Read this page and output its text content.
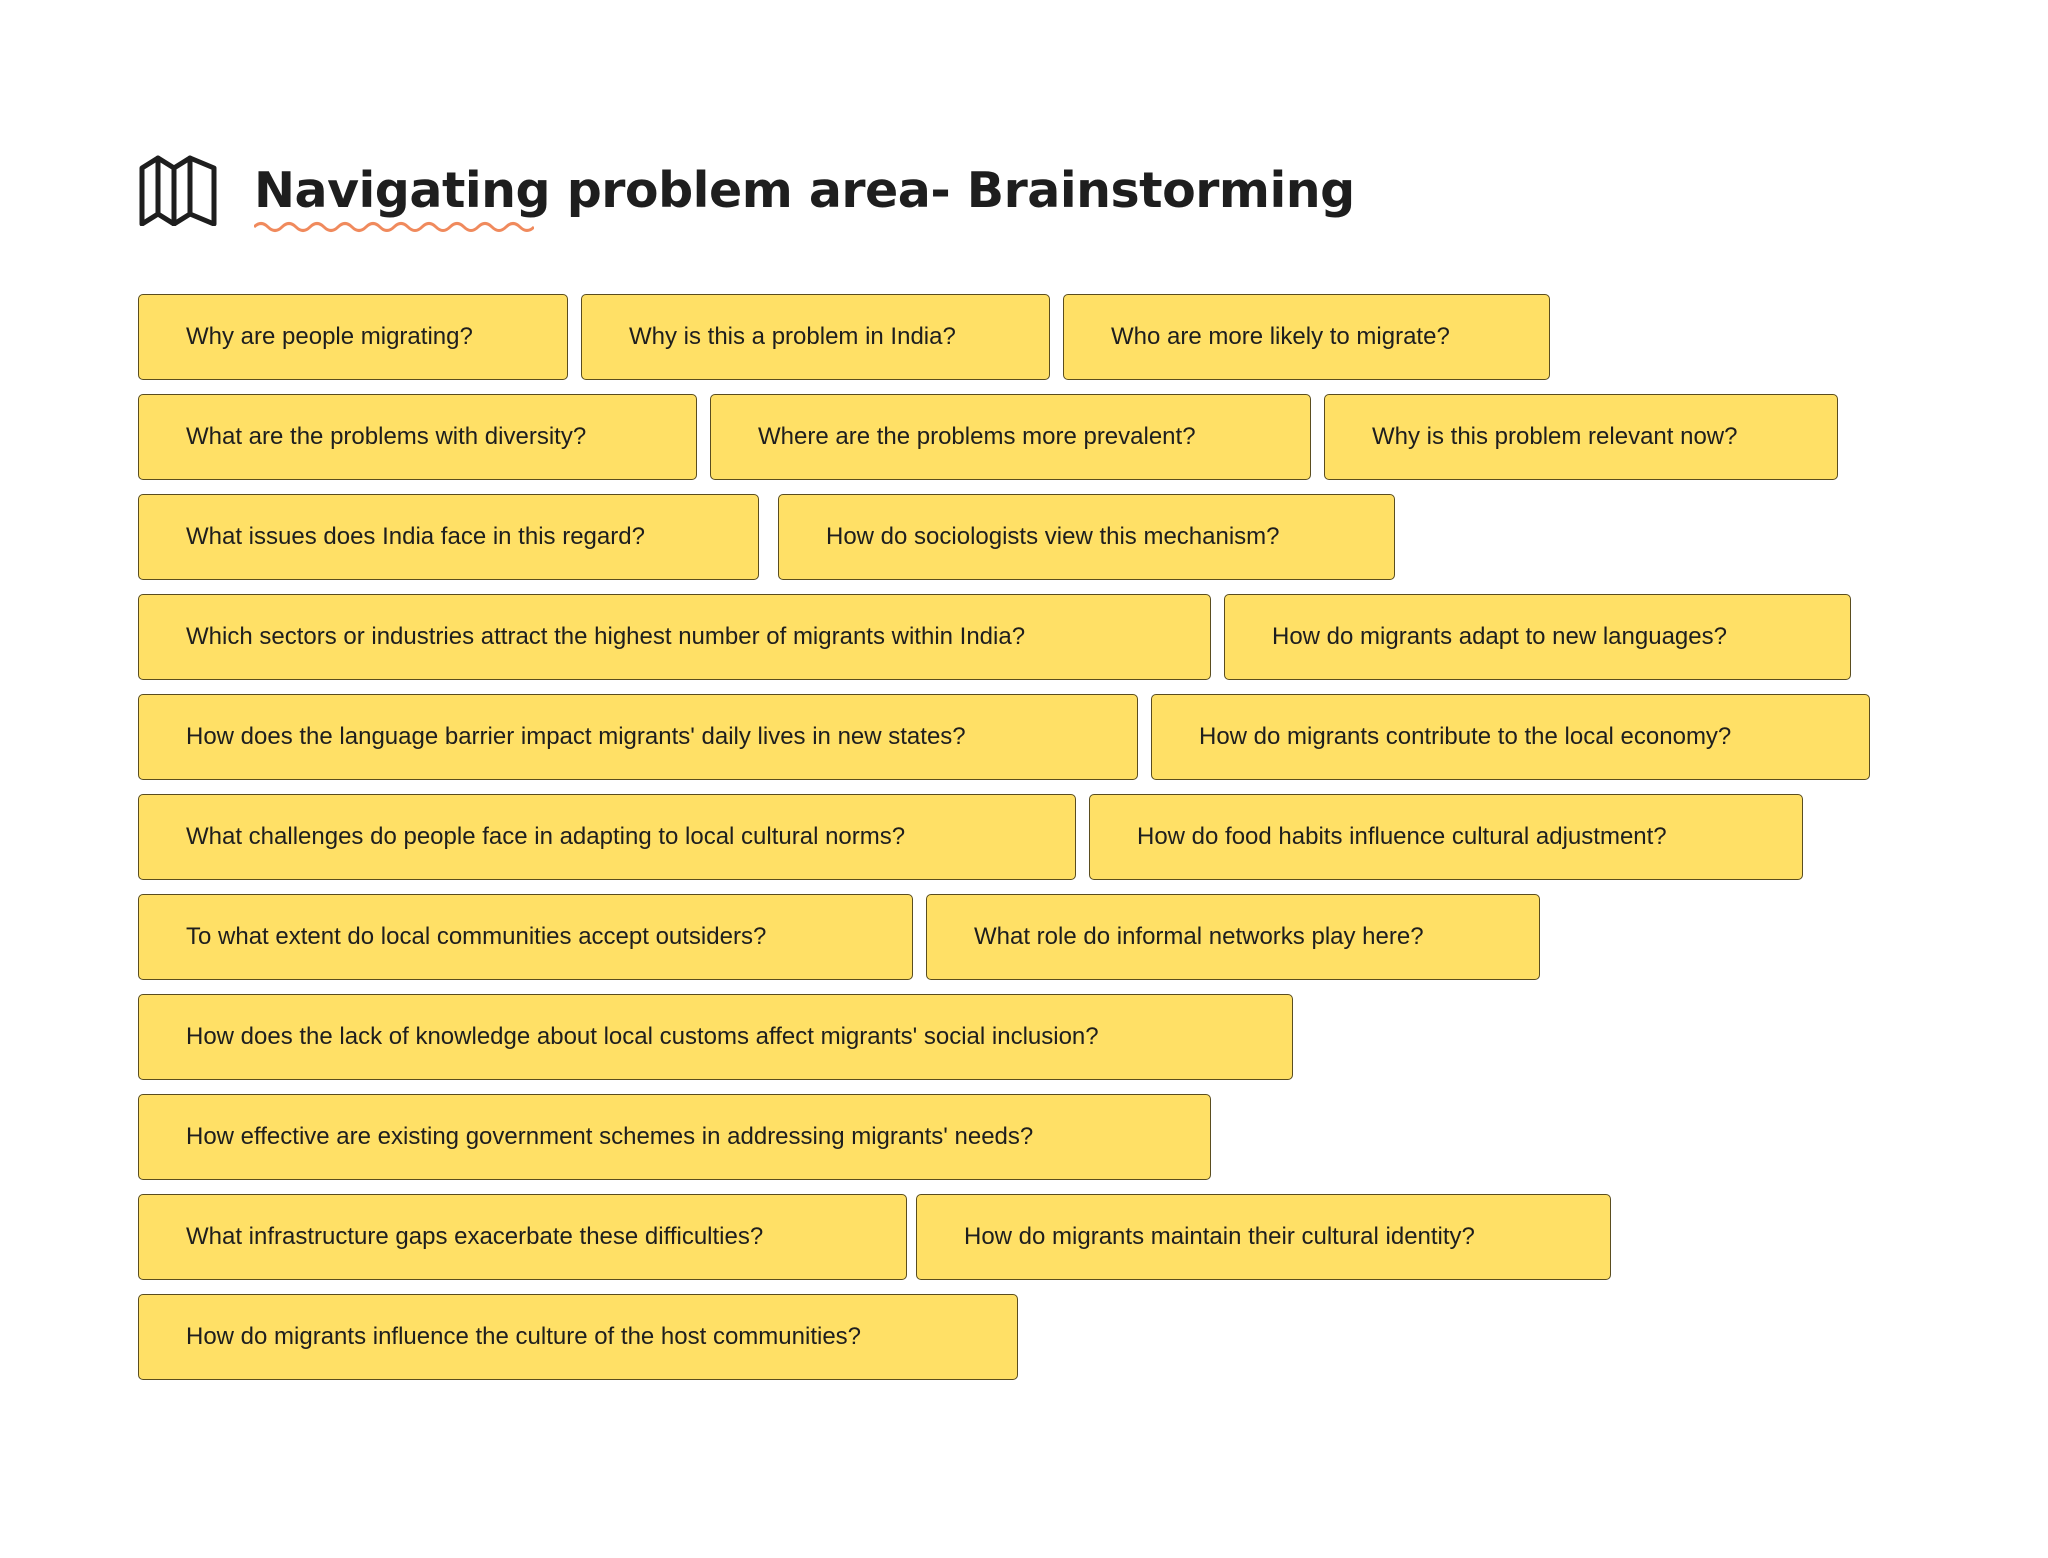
Navigating problem area- Brainstorming
Why are people migrating?	Why is this a problem in India?	Who are more likely to migrate?
What are the problems with diversity?	Where are the problems more prevalent?	Why is this problem relevant now?
What issues does India face in this regard?	How do sociologists view this mechanism?
Which sectors or industries attract the highest number of migrants within India?	How do migrants adapt to new languages?
How does the language barrier impact migrants' daily lives in new states?	How do migrants contribute to the local economy?
What challenges do people face in adapting to local cultural norms?	How do food habits influence cultural adjustment?
To what extent do local communities accept outsiders?	What role do informal networks play here?
How does the lack of knowledge about local customs affect migrants' social inclusion?
How effective are existing government schemes in addressing migrants' needs?
What infrastructure gaps exacerbate these difficulties?	How do migrants maintain their cultural identity?
How do migrants influence the culture of the host communities?
